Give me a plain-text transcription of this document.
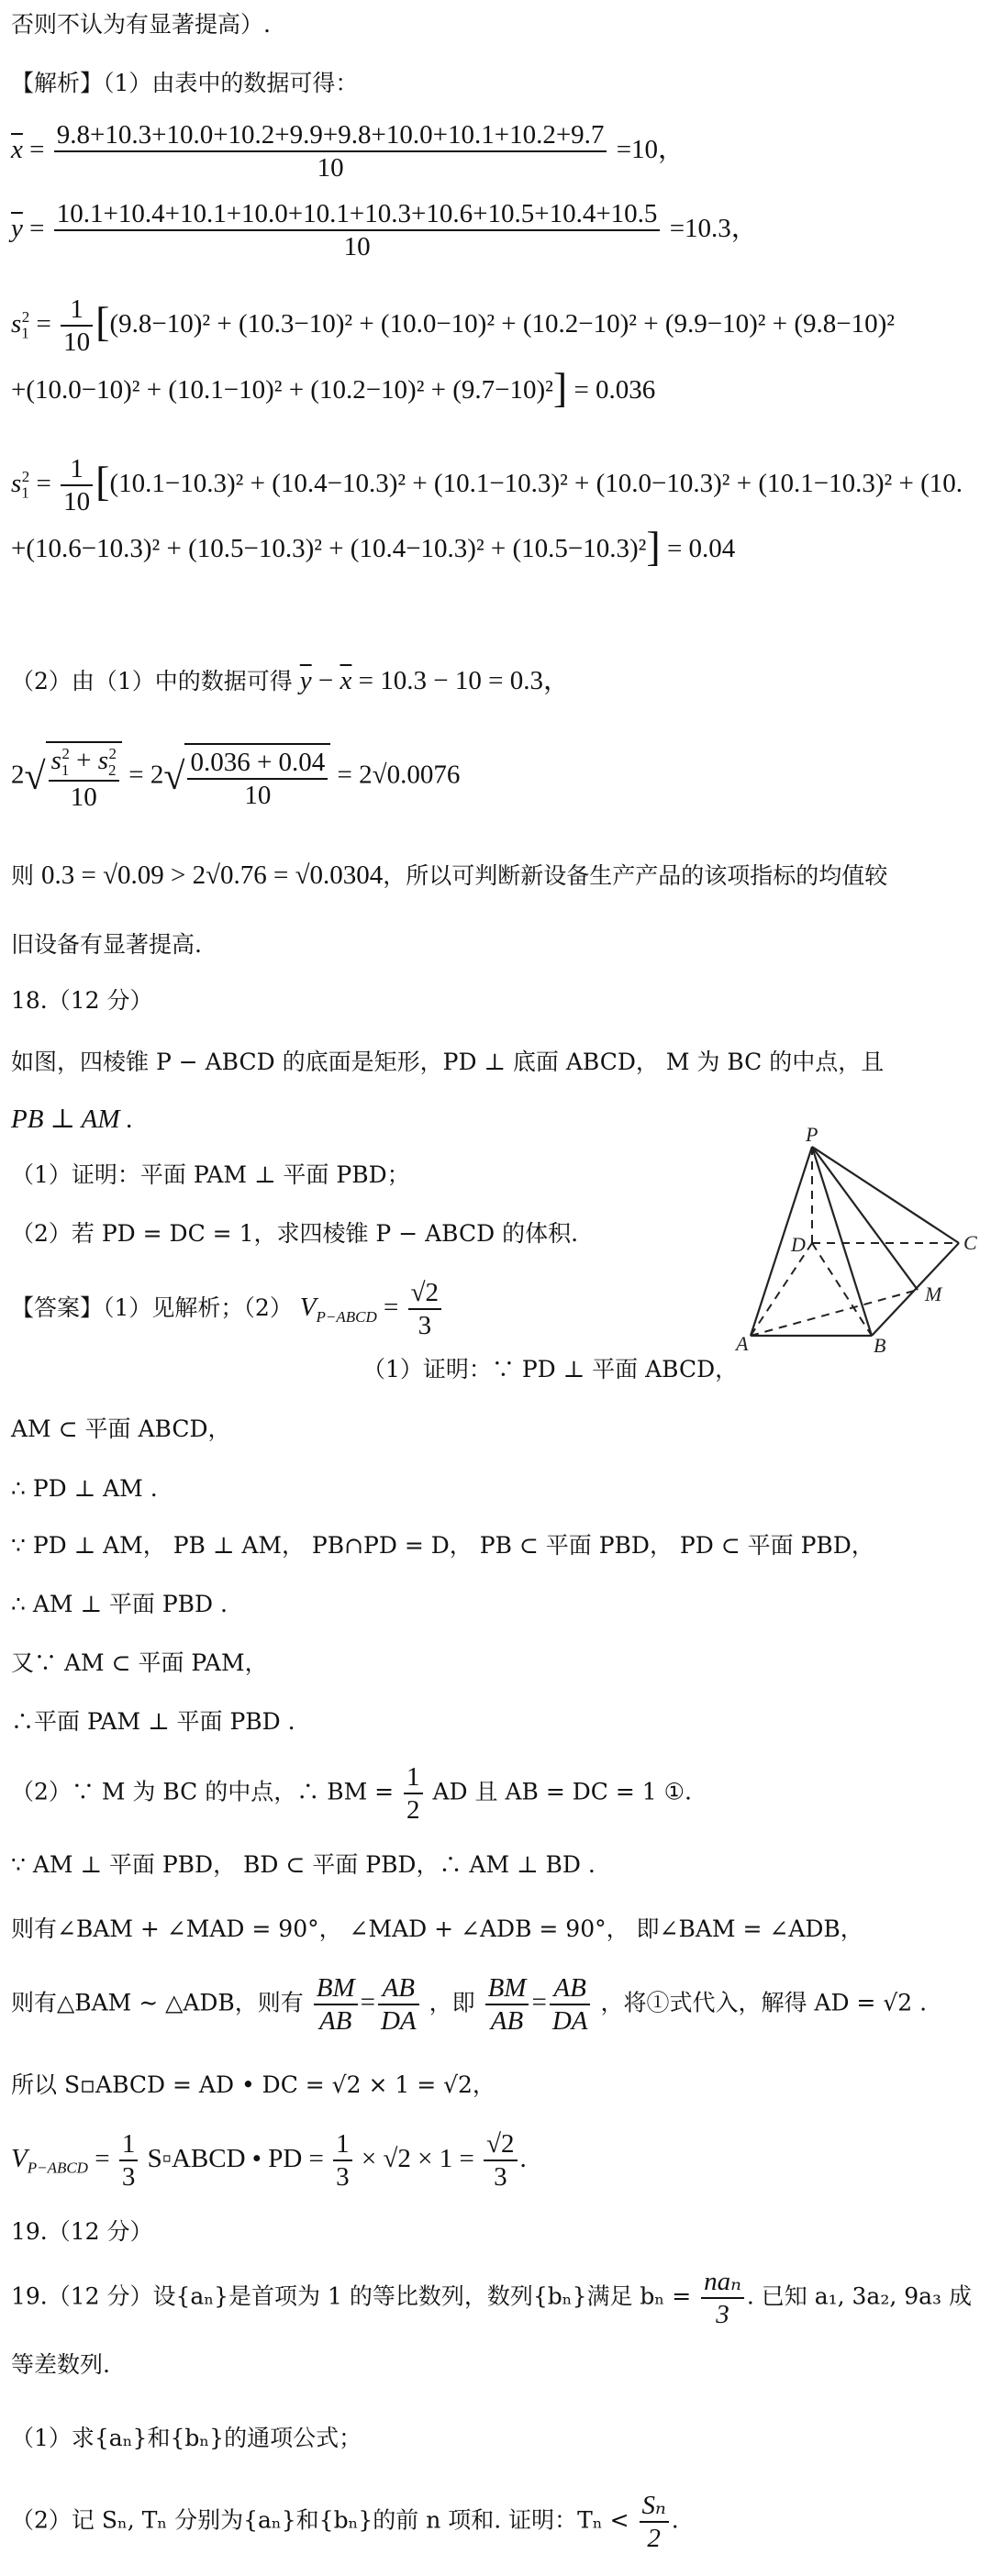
否则不认为有显著提高）.
【解析】（1）由表中的数据可得：
$\overline{x} = \frac{9.8+10.3+10.0+10.2+9.9+9.8+10.0+10.1+10.2+9.7}{10} =10$，
$\overline{y} = \frac{10.1+10.4+10.1+10.0+10.1+10.3+10.6+10.5+10.4+10.5}{10} =10.3$，
$s_1^2 = \frac{1}{10} [(9.8-10)^2 + (10.3-10)^2 + (10.0-10)^2 + (10.2-10)^2 + (9.9-10)^2 + (9.8-10)^2$
+(10.0−10)² + (10.1−10)² + (10.2−10)² + (9.7−10)²] = 0.036
$s_1^2 = \frac{1}{10} [(10.1-10.3)^2 + (10.4-10.3)^2 + (10.1-10.3)^2 + (10.0-10.3)^2 + (10.1-10.3)^2 + (10$.
+(10.6−10.3)² + (10.5−10.3)² + (10.4−10.3)² + (10.5−10.3)²] = 0.04
（2）由（1）中的数据可得 $\overline{y} - \overline{x} = 10.3 - 10 = 0.3$，
$2√ \frac{s_1^2 + s_2^2}{10} = 2√ \frac{0.036 + 0.04}{10} = 2√0.0076$
则 0.3 = √0.09 > 2√0.76 = √0.0304，所以可判断新设备生产产品的该项指标的均值较
旧设备有显著提高.
18.（12 分）
如图，四棱锥 P − ABCD 的底面是矩形，PD ⊥ 底面 ABCD， M 为 BC 的中点，且
PB ⊥ AM .
（1）证明：平面 PAM ⊥ 平面 PBD；
（2）若 PD = DC = 1，求四棱锥 P − ABCD 的体积.
【答案】（1）见解析；（2） $V_{P-ABCD} = \frac{√2}{3}$
（1）证明：∵ PD ⊥ 平面 ABCD，
AM ⊂ 平面 ABCD，
∴ PD ⊥ AM .
∵ PD ⊥ AM， PB ⊥ AM， PB∩PD = D， PB ⊂ 平面 PBD， PD ⊂ 平面 PBD，
∴ AM ⊥ 平面 PBD .
又∵ AM ⊂ 平面 PAM，
∴平面 PAM ⊥ 平面 PBD .
（2）∵ M 为 BC 的中点，∴ BM = $\frac{1}{2}$ AD 且 AB = DC = 1 ①.
∵ AM ⊥ 平面 PBD， BD ⊂ 平面 PBD，∴ AM ⊥ BD .
则有∠BAM + ∠MAD = 90°， ∠MAD + ∠ADB = 90°， 即∠BAM = ∠ADB，
则有△BAM ∼ △ADB，则有 $\frac{BM}{AB} = \frac{AB}{DA}$ ，即 $\frac{BM}{AB} = \frac{AB}{DA}$ ，将①式代入，解得 AD = √2 .
所以 S▫ABCD = AD • DC = √2 × 1 = √2，
$V_{P-ABCD} = \frac{1}{3}$ S▫ABCD • PD = $\frac{1}{3} \times √2 \times 1 = \frac{√2}{3}$ .
19.（12 分）
19.（12 分）设{aₙ}是首项为 1 的等比数列，数列{bₙ}满足 $b_n = \frac{\text{naₙ}}{3}$ . 已知 a₁, 3a₂, 9a₃ 成
等差数列.
（1）求{aₙ}和{bₙ}的通项公式；
（2）记 Sₙ, Tₙ 分别为{aₙ}和{bₙ}的前 n 项和. 证明：$T_n < \frac{\text{Sₙ}}{2}$ .
P
A	B
C
D
M
